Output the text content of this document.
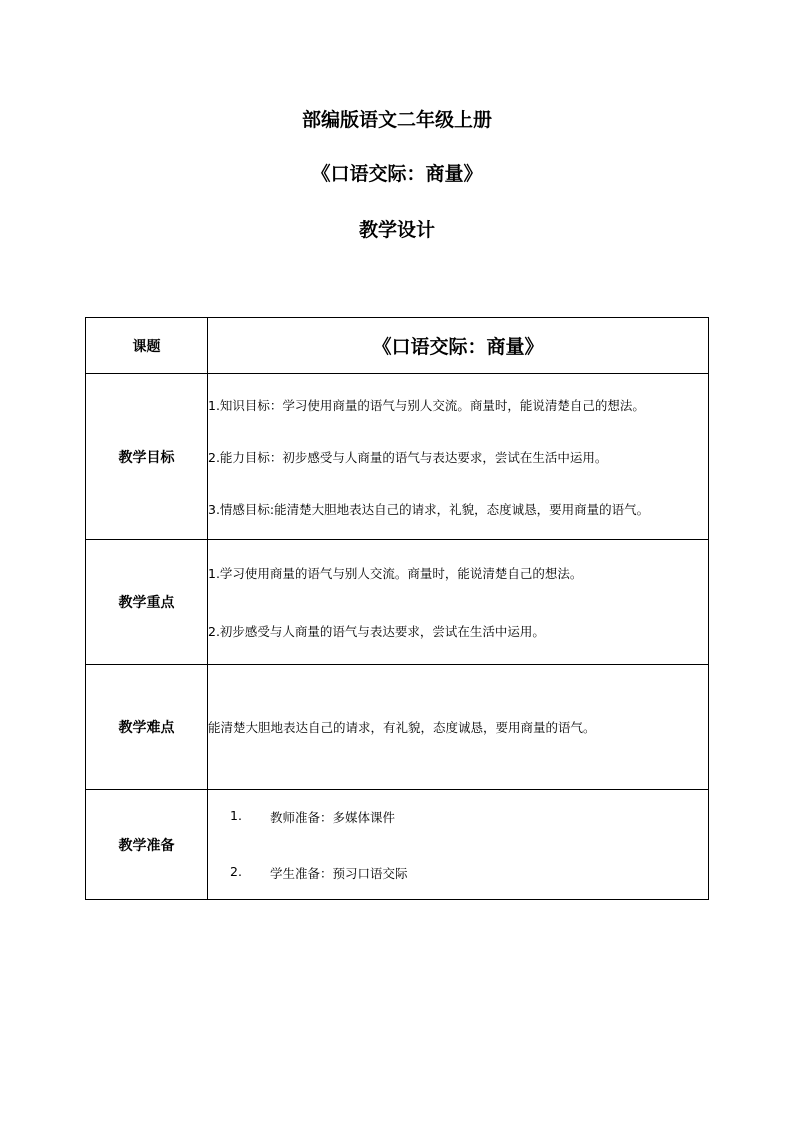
部编版语文二年级上册
《口语交际：商量》
教学设计
课题	《口语交际：商量》
教学目标	1.知识目标：学习使用商量的语气与别人交流。商量时，能说清楚自己的想法。
2.能力目标：初步感受与人商量的语气与表达要求，尝试在生活中运用。
3.情感目标:能清楚大胆地表达自己的请求，礼貌，态度诚恳，要用商量的语气。

教学重点	1.学习使用商量的语气与别人交流。商量时，能说清楚自己的想法。
2.初步感受与人商量的语气与表达要求，尝试在生活中运用。

教学难点	能清楚大胆地表达自己的请求，有礼貌，态度诚恳，要用商量的语气。

教学准备	1. 教师准备：多媒体课件
2. 学生准备：预习口语交际
